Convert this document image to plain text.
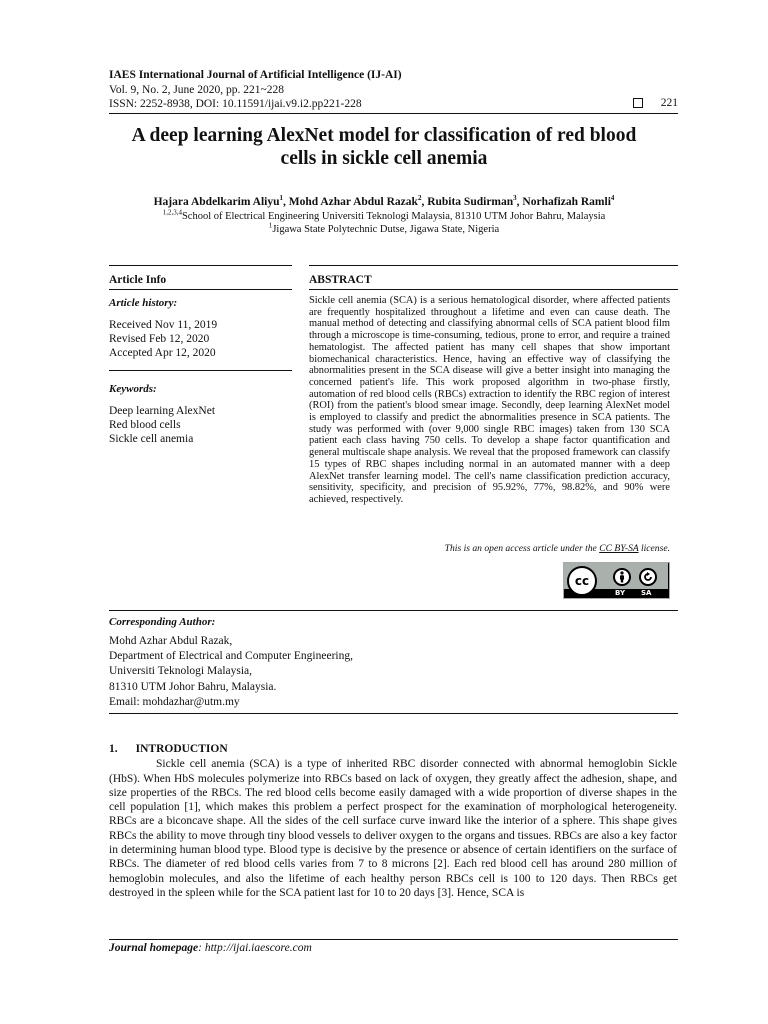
IAES International Journal of Artificial Intelligence (IJ-AI)
Vol. 9, No. 2, June 2020, pp. 221~228
ISSN: 2252-8938, DOI: 10.11591/ijai.v9.i2.pp221-228	221
A deep learning AlexNet model for classification of red blood
cells in sickle cell anemia
Hajara Abdelkarim Aliyu$^1$, Mohd Azhar Abdul Razak$^2$, Rubita Sudirman$^3$, Norhafizah Ramli$^4$
$^{1,2,3,4}$School of Electrical Engineering Universiti Teknologi Malaysia, 81310 UTM Johor Bahru, Malaysia
$^1$Jigawa State Polytechnic Dutse, Jigawa State, Nigeria
Article Info	ABSTRACT
Article history:
Received Nov 11, 2019
Revised Feb 12, 2020
Accepted Apr 12, 2020
Keywords:
Deep learning AlexNet
Red blood cells
Sickle cell anemia
Sickle cell anemia (SCA) is a serious hematological disorder, where affected patients are frequently hospitalized throughout a lifetime and even can cause death. The manual method of detecting and classifying abnormal cells of SCA patient blood film through a microscope is time-consuming, tedious, prone to error, and require a trained hematologist. The affected patient has many cell shapes that show important biomechanical characteristics. Hence, having an effective way of classifying the abnormalities present in the SCA disease will give a better insight into managing the concerned patient's life. This work proposed algorithm in two-phase firstly, automation of red blood cells (RBCs) extraction to identify the RBC region of interest (ROI) from the patient's blood smear image. Secondly, deep learning AlexNet model is employed to classify and predict the abnormalities presence in SCA patients. The study was performed with (over 9,000 single RBC images) taken from 130 SCA patient each class having 750 cells. To develop a shape factor quantification and general multiscale shape analysis. We reveal that the proposed framework can classify 15 types of RBC shapes including normal in an automated manner with a deep AlexNet transfer learning model. The cell's name classification prediction accuracy, sensitivity, specificity, and precision of 95.92%, 77%, 98.82%, and 90% were achieved, respectively.
This is an open access article under the CC BY-SA license.
cc
BY SA
Corresponding Author:
Mohd Azhar Abdul Razak,
Department of Electrical and Computer Engineering,
Universiti Teknologi Malaysia,
81310 UTM Johor Bahru, Malaysia.
Email: mohdazhar@utm.my
1. INTRODUCTION

Sickle cell anemia (SCA) is a type of inherited RBC disorder connected with abnormal hemoglobin Sickle (HbS). When HbS molecules polymerize into RBCs based on lack of oxygen, they greatly affect the adhesion, shape, and size properties of the RBCs. The red blood cells become easily damaged with a wide proportion of diverse shapes in the cell population [1], which makes this problem a perfect prospect for the examination of morphological heterogeneity. RBCs are a biconcave shape. All the sides of the cell surface curve inward like the interior of a sphere. This shape gives RBCs the ability to move through tiny blood vessels to deliver oxygen to the organs and tissues. RBCs are also a key factor in determining human blood type. Blood type is decisive by the presence or absence of certain identifiers on the surface of RBCs. The diameter of red blood cells varies from 7 to 8 microns [2]. Each red blood cell has around 280 million of hemoglobin molecules, and also the lifetime of each healthy person RBCs cell is 100 to 120 days. Then RBCs get destroyed in the spleen while for the SCA patient last for 10 to 20 days [3]. Hence, SCA is

Journal homepage: http://ijai.iaescore.com
